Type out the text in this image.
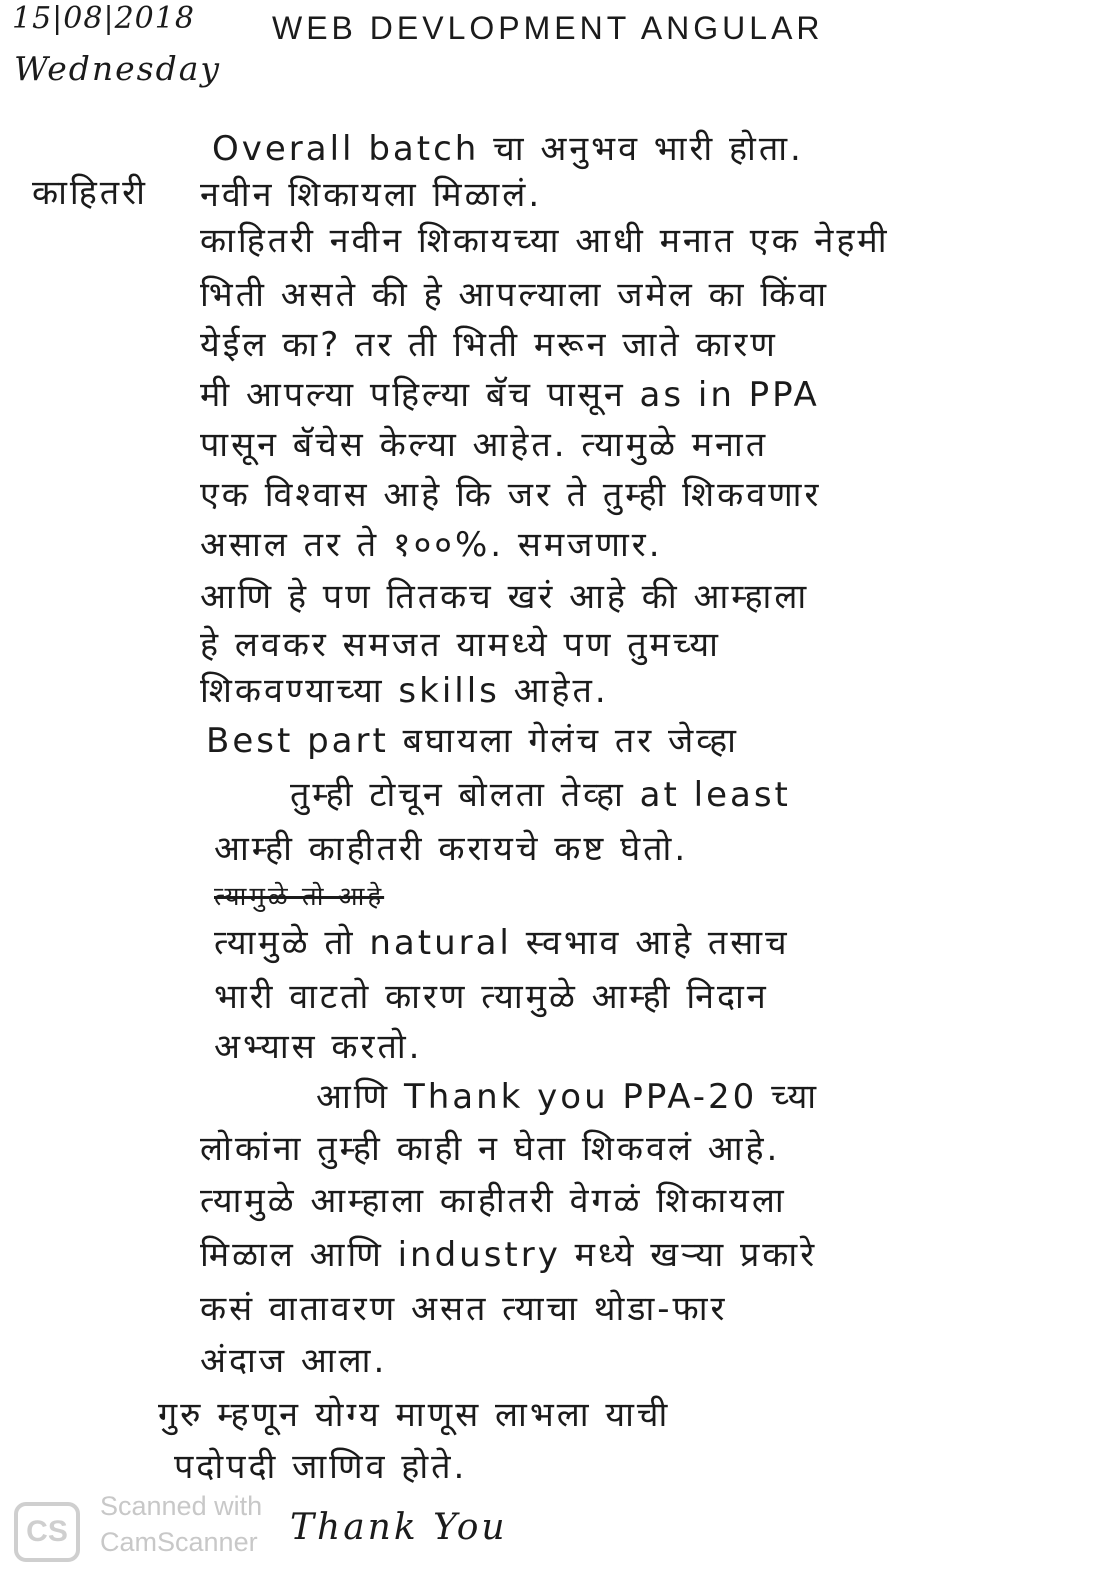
15|08|2018
Wednesday
WEB DEVLOPMENT ANGULAR
काहितरी
Overall batch चा अनुभव भारी होता.
नवीन शिकायला मिळालं.
काहितरी नवीन शिकायच्या आधी मनात एक नेहमी
भिती असते की हे आपल्याला जमेल का किंवा
येईल का? तर ती भिती मरून जाते कारण
मी आपल्या पहिल्या बॅच पासून as in PPA
पासून बॅचेस केल्या आहेत. त्यामुळे मनात
एक विश्वास आहे कि जर ते तुम्ही शिकवणार
असाल तर ते १००%. समजणार.
आणि हे पण तितकच खरं आहे की आम्हाला
हे लवकर समजत यामध्ये पण तुमच्या
शिकवण्याच्या skills आहेत.
Best part बघायला गेलंच तर जेव्हा
तुम्ही टोचून बोलता तेव्हा at least
आम्ही काहीतरी करायचे कष्ट घेतो.
त्यामुळे तो आहे
त्यामुळे तो natural स्वभाव आहे तसाच
भारी वाटतो कारण त्यामुळे आम्ही निदान
अभ्यास करतो.
आणि Thank you PPA-20 च्या
लोकांना तुम्ही काही न घेता शिकवलं आहे.
त्यामुळे आम्हाला काहीतरी वेगळं शिकायला
मिळाल आणि industry मध्ये खऱ्या प्रकारे
कसं वातावरण असत त्याचा थोडा-फार
अंदाज आला.
गुरु म्हणून योग्य माणूस लाभला याची
पदोपदी जाणिव होते.
Thank You
CS
Scanned with
CamScanner
